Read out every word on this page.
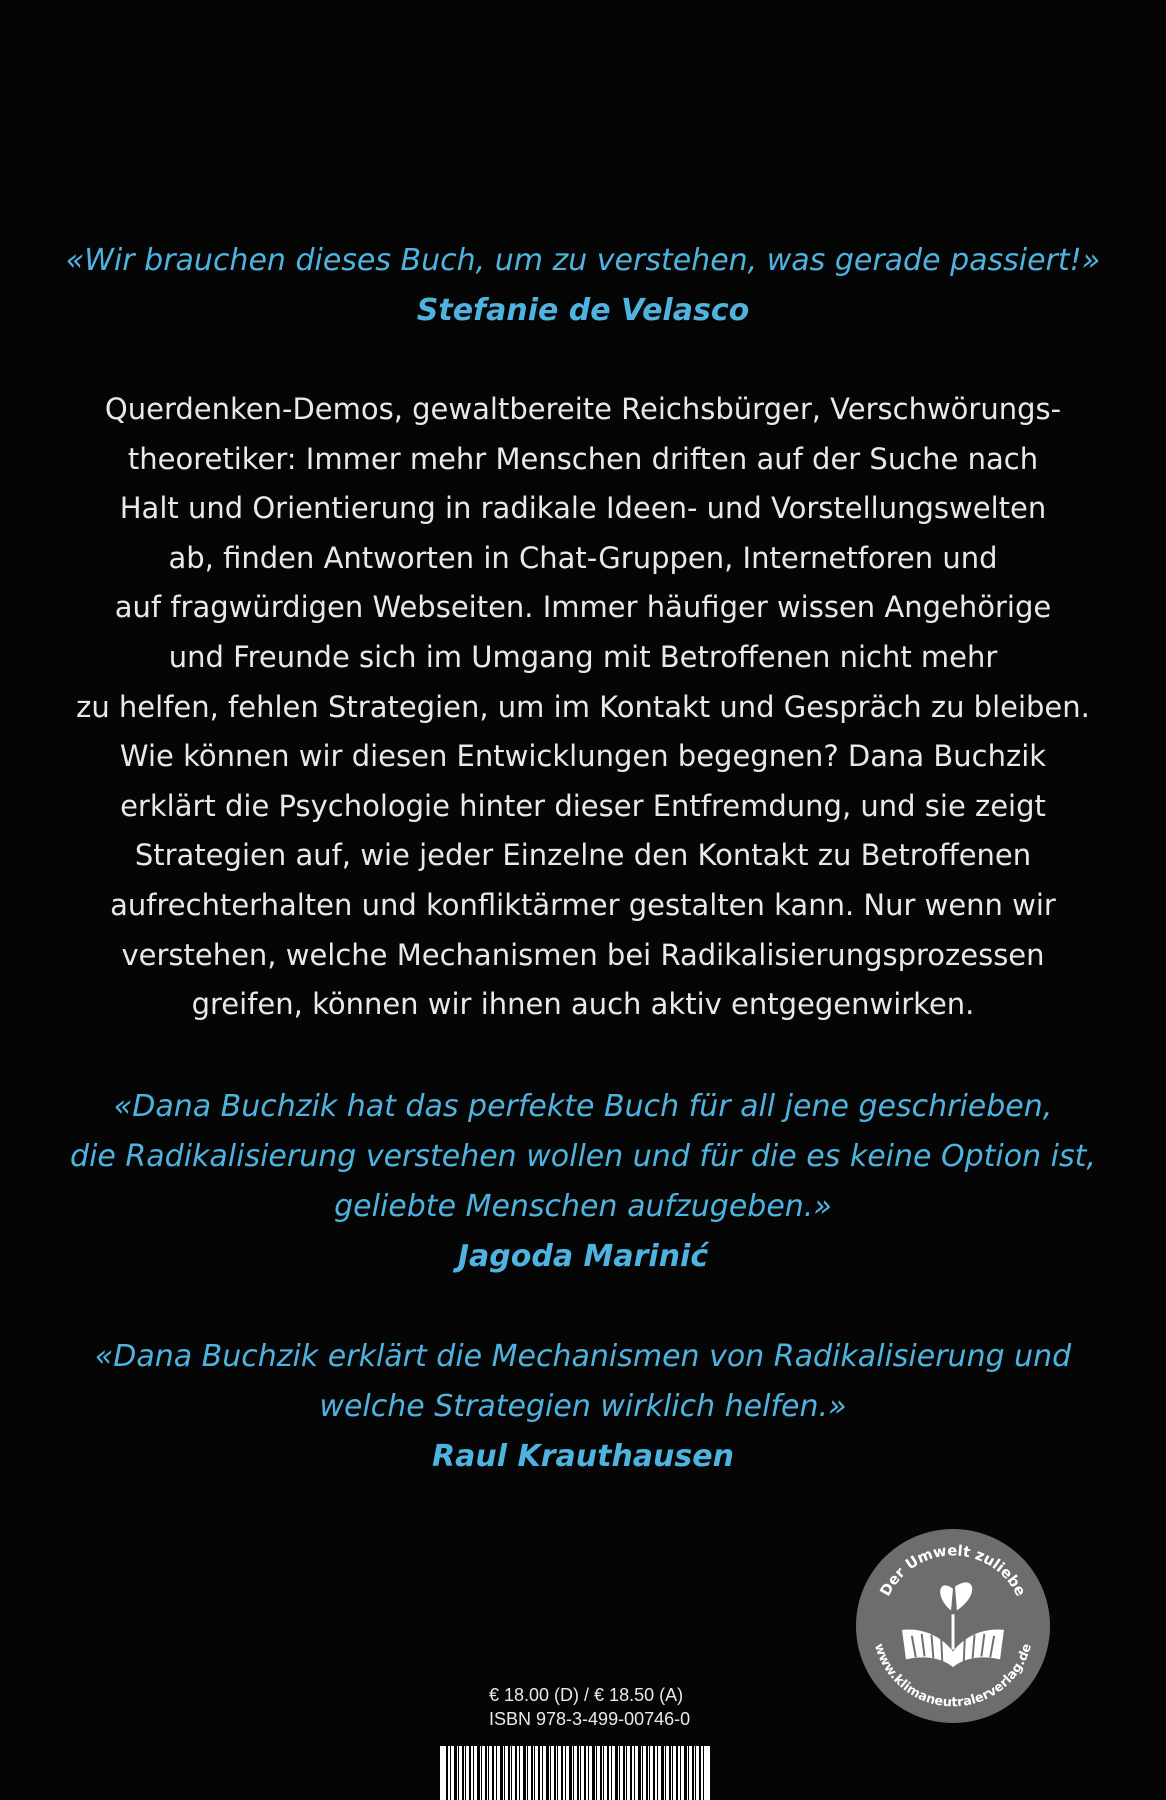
«Wir brauchen dieses Buch, um zu verstehen, was gerade passiert!»
Stefanie de Velasco
Querdenken-Demos, gewaltbereite Reichsbürger, Verschwörungs-
theoretiker: Immer mehr Menschen driften auf der Suche nach
Halt und Orientierung in radikale Ideen- und Vorstellungswelten
ab, finden Antworten in Chat-Gruppen, Internetforen und
auf fragwürdigen Webseiten. Immer häufiger wissen Angehörige
und Freunde sich im Umgang mit Betroffenen nicht mehr
zu helfen, fehlen Strategien, um im Kontakt und Gespräch zu bleiben.
Wie können wir diesen Entwicklungen begegnen? Dana Buchzik
erklärt die Psychologie hinter dieser Entfremdung, und sie zeigt
Strategien auf, wie jeder Einzelne den Kontakt zu Betroffenen
aufrechterhalten und konfliktärmer gestalten kann. Nur wenn wir
verstehen, welche Mechanismen bei Radikalisierungsprozessen
greifen, können wir ihnen auch aktiv entgegenwirken.
«Dana Buchzik hat das perfekte Buch für all jene geschrieben,
die Radikalisierung verstehen wollen und für die es keine Option ist,
geliebte Menschen aufzugeben.»
Jagoda Marinić
«Dana Buchzik erklärt die Mechanismen von Radikalisierung und
welche Strategien wirklich helfen.»
Raul Krauthausen
Der Umwelt zuliebe
www.klimaneutralerverlag.de
€ 18.00 (D) / € 18.50 (A)
ISBN 978-3-499-00746-0
